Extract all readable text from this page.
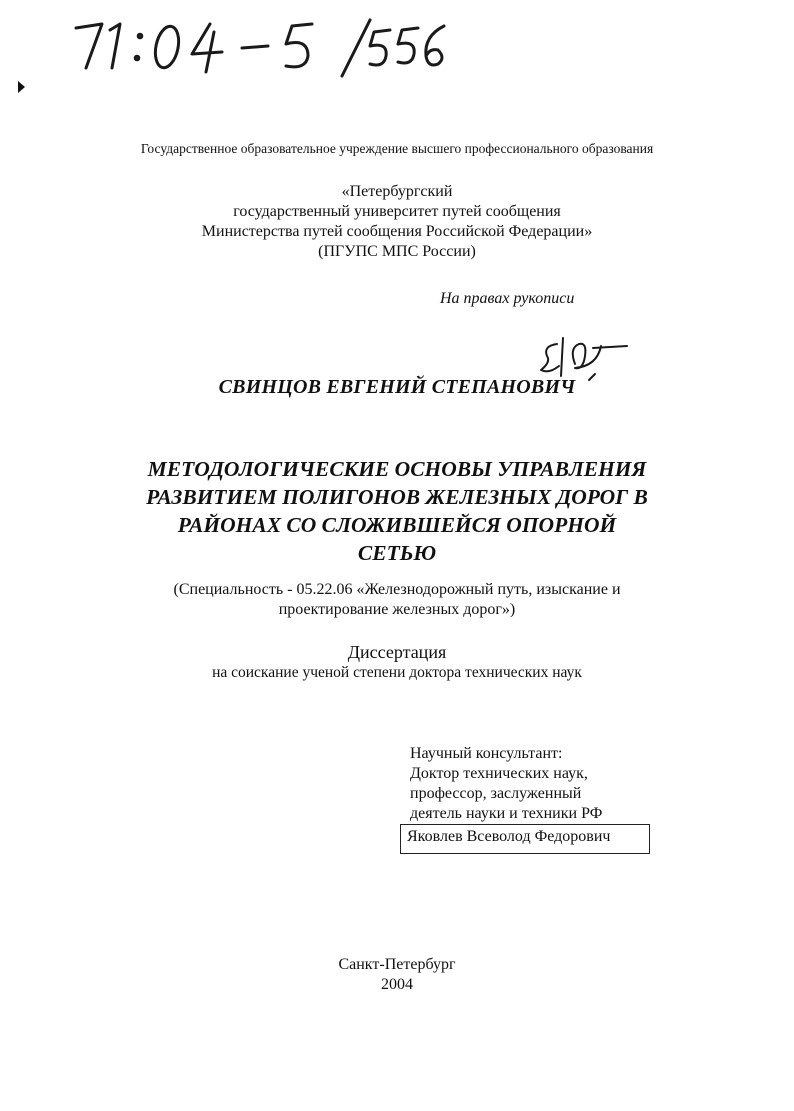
Государственное образовательное учреждение высшего профессионального образования
«Петербургский
государственный университет путей сообщения
Министерства путей сообщения Российской Федерации»
(ПГУПС МПС России)
На правах рукописи
СВИНЦОВ ЕВГЕНИЙ СТЕПАНОВИЧ
МЕТОДОЛОГИЧЕСКИЕ ОСНОВЫ УПРАВЛЕНИЯ
РАЗВИТИЕМ ПОЛИГОНОВ ЖЕЛЕЗНЫХ ДОРОГ В
РАЙОНАХ СО СЛОЖИВШЕЙСЯ ОПОРНОЙ
СЕТЬЮ
(Специальность - 05.22.06 «Железнодорожный путь, изыскание и
проектирование железных дорог»)
Диссертация
на соискание ученой степени доктора технических наук
Научный консультант:
Доктор технических наук,
профессор, заслуженный
деятель науки и техники РФ
Яковлев Всеволод Федорович
Санкт-Петербург
2004
